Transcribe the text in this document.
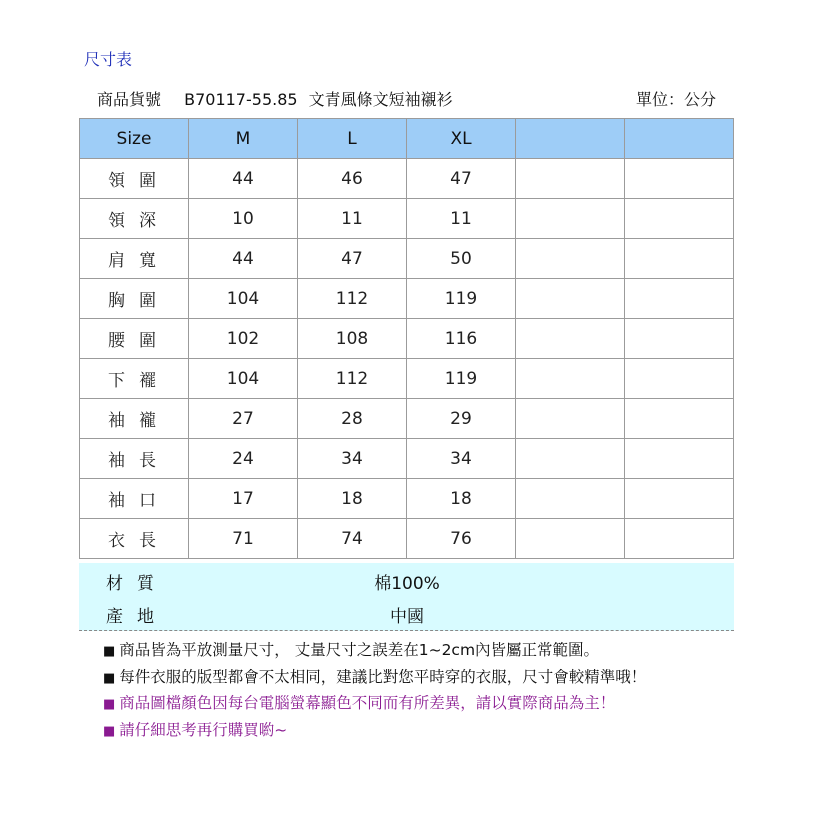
尺寸表
商品貨號 B70117-55.85 文青風條文短袖襯衫	單位：公分
Size	M	L	XL		
領圍	44	46	47		
領深	10	11	11		
肩寬	44	47	50		
胸圍	104	112	119		
腰圍	102	108	116		
下襬	104	112	119		
袖襱	27	28	29		
袖長	24	34	34		
袖口	17	18	18		
衣長	71	74	76		
材質	棉100%
產地	中國
■ 商品皆為平放測量尺寸， 丈量尺寸之誤差在1~2cm內皆屬正常範圍。
■ 每件衣服的版型都會不太相同，建議比對您平時穿的衣服，尺寸會較精準哦！
■ 商品圖檔顏色因每台電腦螢幕顯色不同而有所差異，請以實際商品為主！
■ 請仔細思考再行購買喲~
